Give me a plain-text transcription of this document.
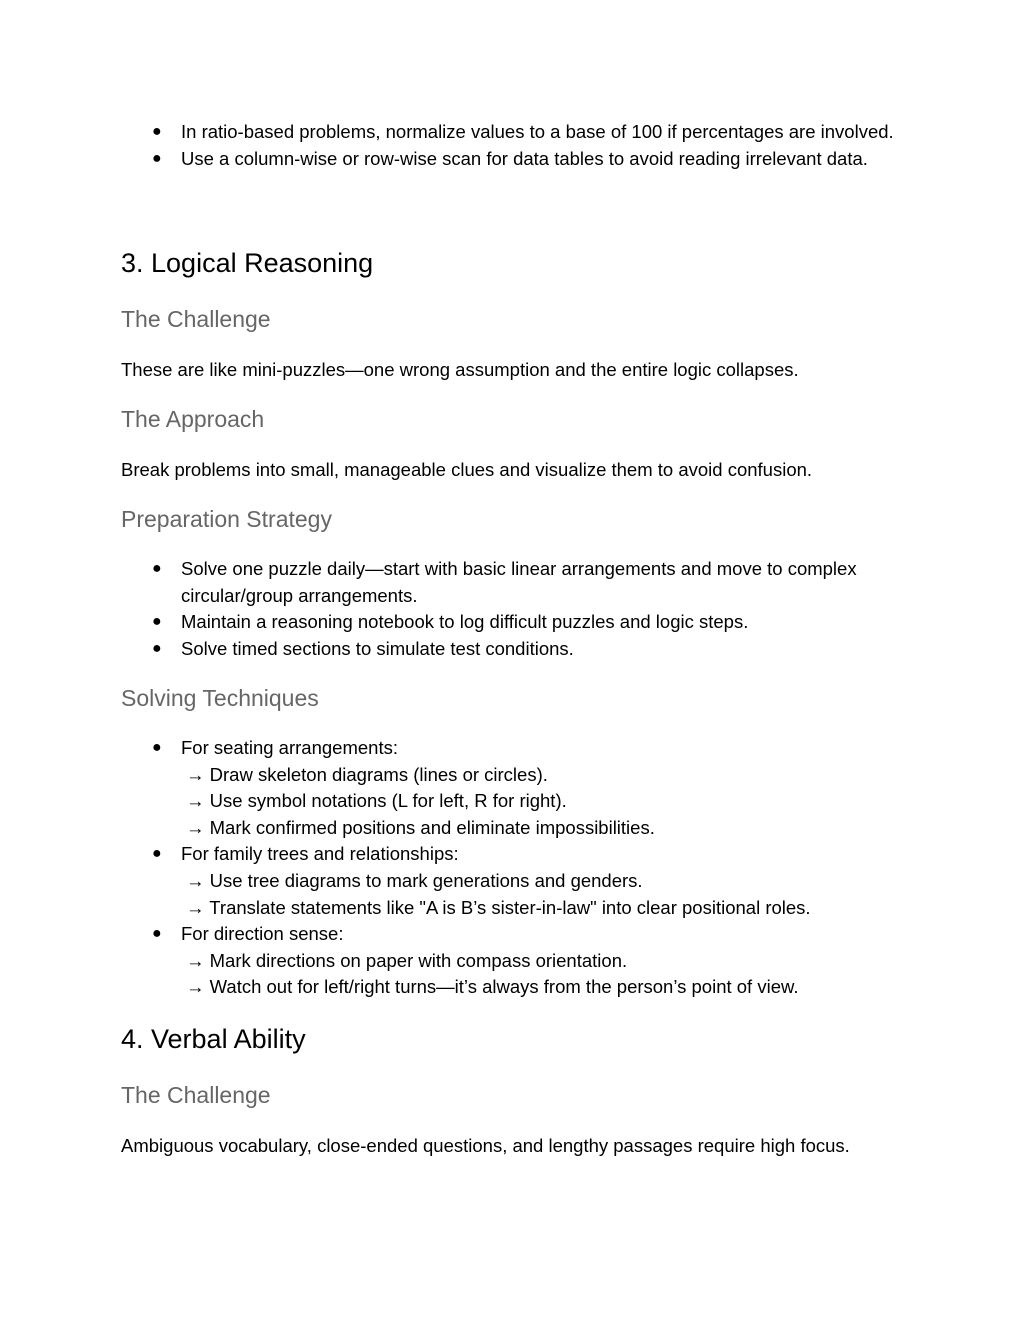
● In ratio-based problems, normalize values to a base of 100 if percentages are involved.
● Use a column-wise or row-wise scan for data tables to avoid reading irrelevant data.
3. Logical Reasoning
The Challenge

These are like mini-puzzles—one wrong assumption and the entire logic collapses.

The Approach

Break problems into small, manageable clues and visualize them to avoid confusion.

Preparation Strategy
● Solve one puzzle daily—start with basic linear arrangements and move to complex circular/group arrangements.
● Maintain a reasoning notebook to log difficult puzzles and logic steps.
● Solve timed sections to simulate test conditions.
Solving Techniques
● For seating arrangements:
→ Draw skeleton diagrams (lines or circles).
→ Use symbol notations (L for left, R for right).
→ Mark confirmed positions and eliminate impossibilities.
● For family trees and relationships:
→ Use tree diagrams to mark generations and genders.
→ Translate statements like "A is B’s sister-in-law" into clear positional roles.
● For direction sense:
→ Mark directions on paper with compass orientation.
→ Watch out for left/right turns—it’s always from the person’s point of view.
4. Verbal Ability
The Challenge

Ambiguous vocabulary, close-ended questions, and lengthy passages require high focus.
